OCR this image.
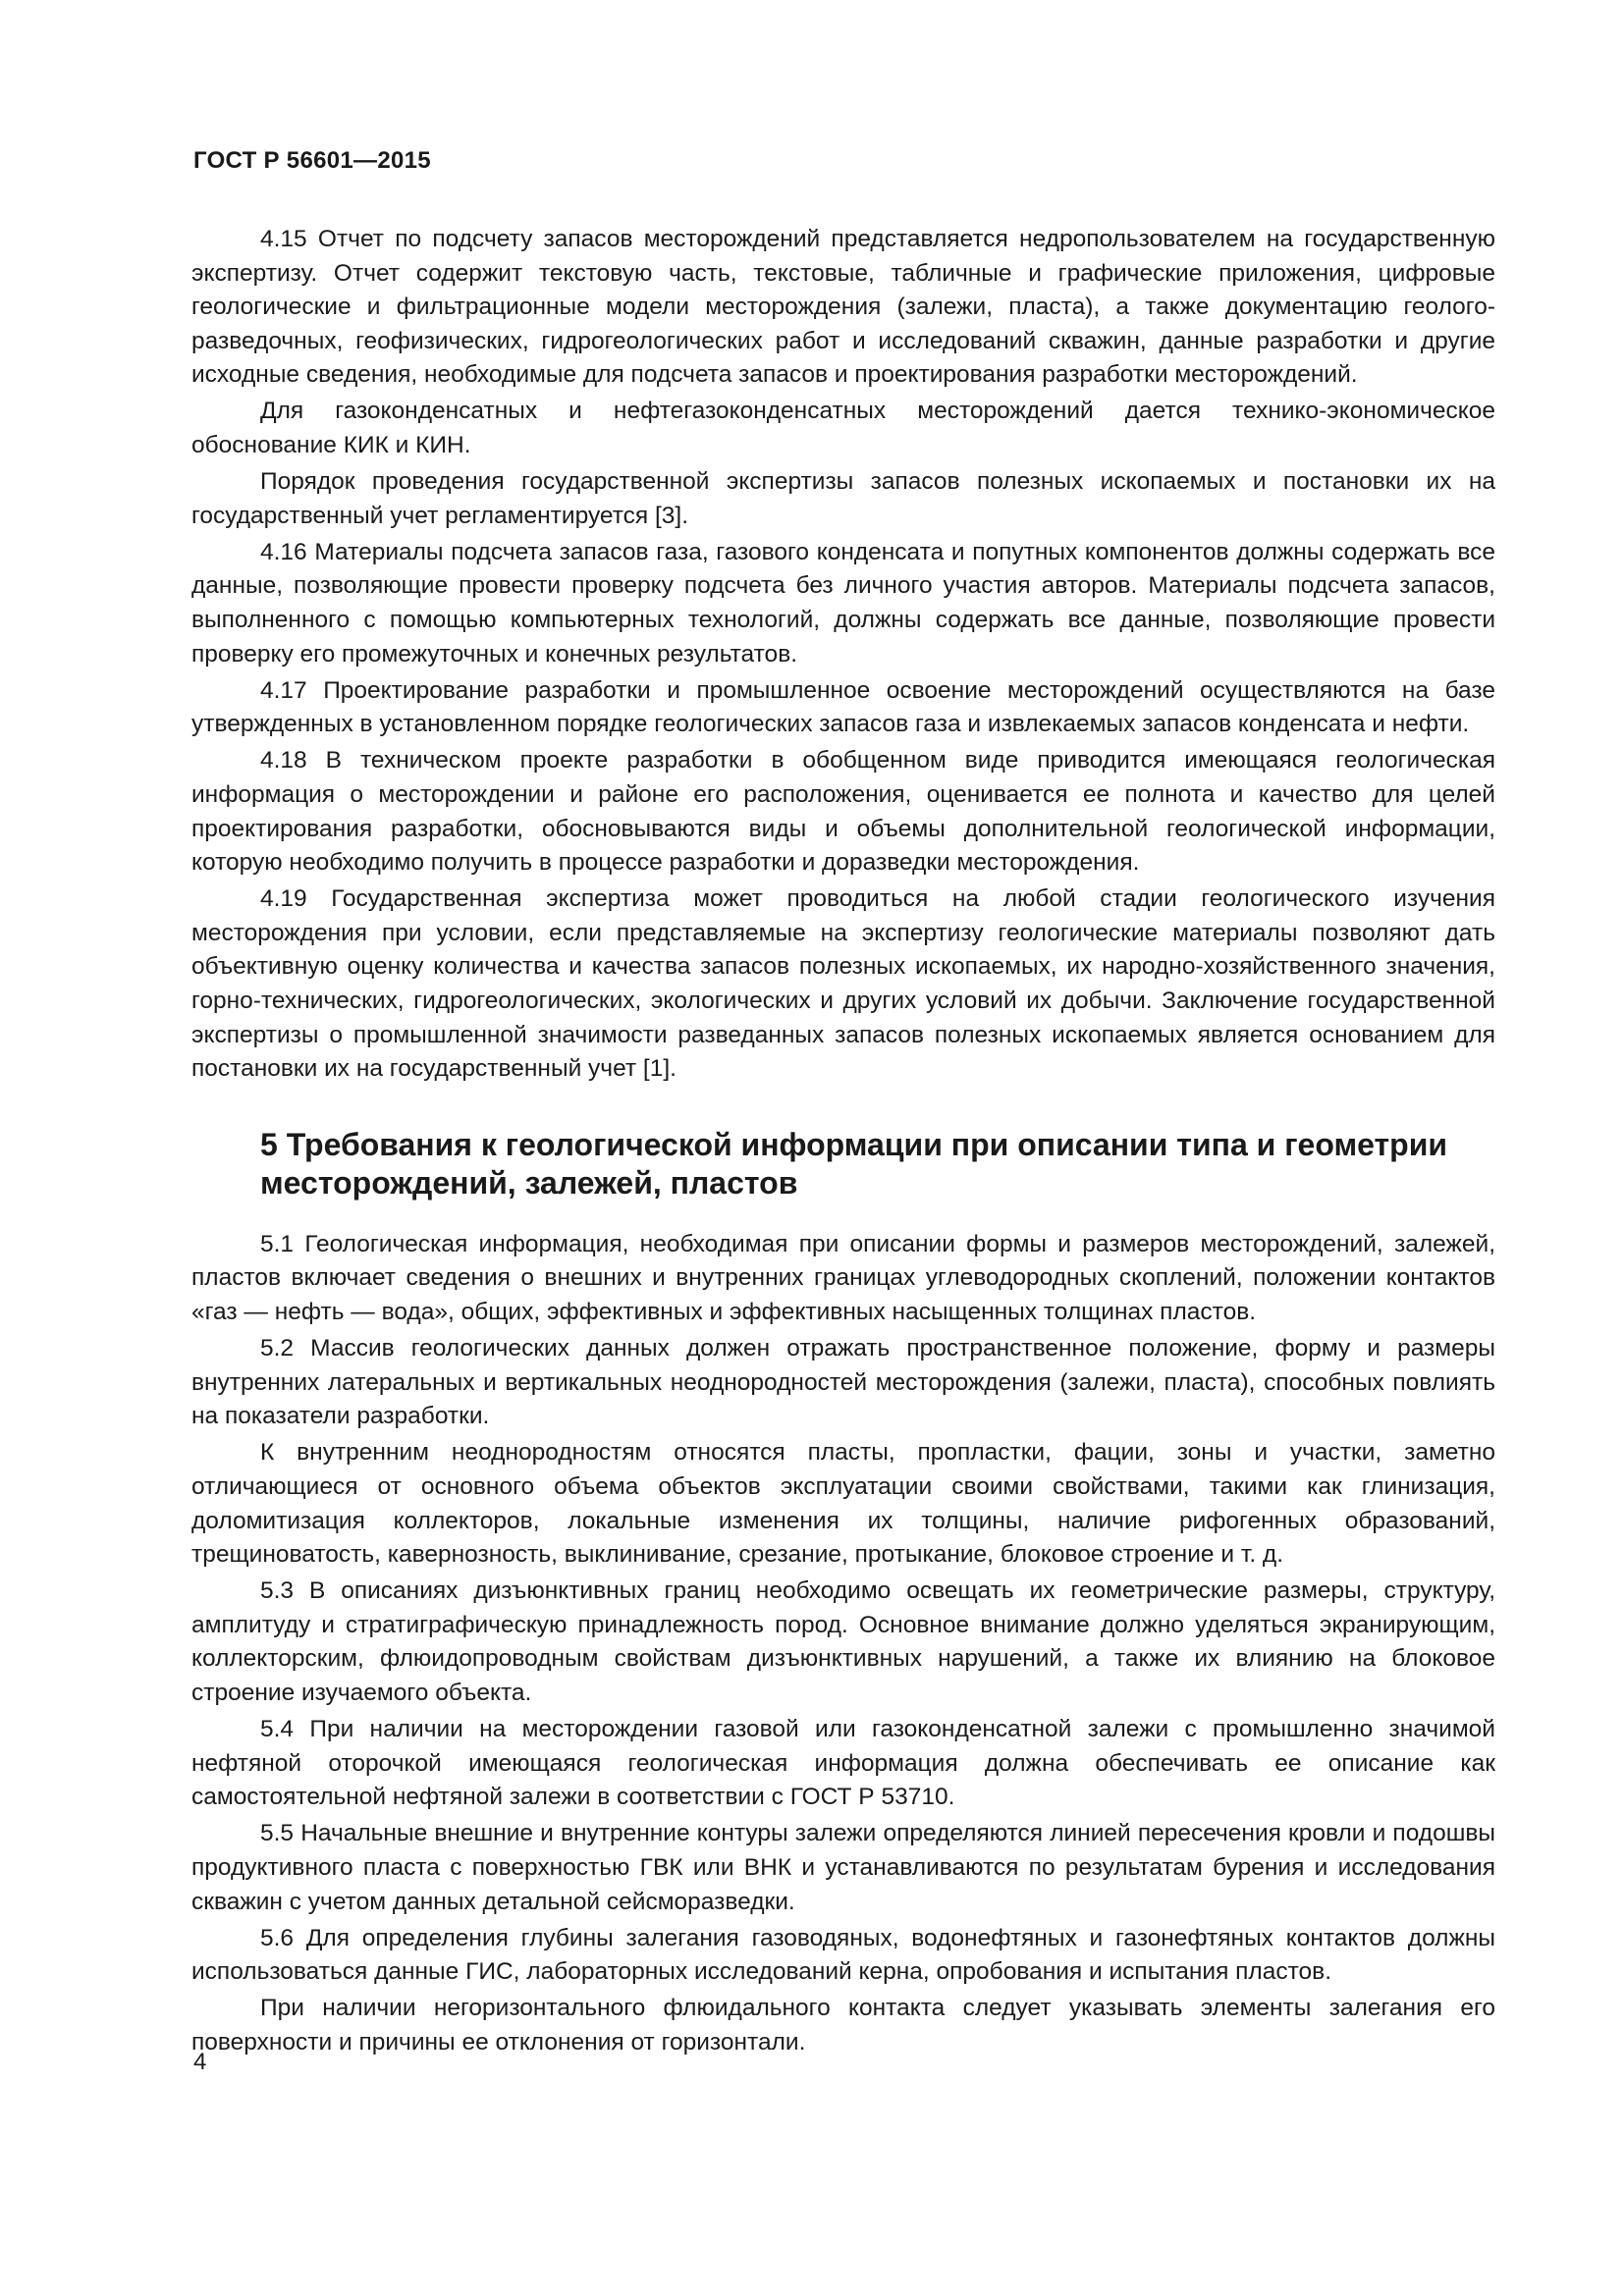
ГОСТ Р 56601—2015

4.15 Отчет по подсчету запасов месторождений представляется недропользователем на государственную экспертизу. Отчет содержит текстовую часть, текстовые, табличные и графические приложения, цифровые геологические и фильтрационные модели месторождения (залежи, пласта), а также документацию геолого-разведочных, геофизических, гидрогеологических работ и исследований скважин, данные разработки и другие исходные сведения, необходимые для подсчета запасов и проектирования разработки месторождений.

Для газоконденсатных и нефтегазоконденсатных месторождений дается технико-экономическое обоснование КИК и КИН.

Порядок проведения государственной экспертизы запасов полезных ископаемых и постановки их на государственный учет регламентируется [3].

4.16 Материалы подсчета запасов газа, газового конденсата и попутных компонентов должны содержать все данные, позволяющие провести проверку подсчета без личного участия авторов. Материалы подсчета запасов, выполненного с помощью компьютерных технологий, должны содержать все данные, позволяющие провести проверку его промежуточных и конечных результатов.

4.17 Проектирование разработки и промышленное освоение месторождений осуществляются на базе утвержденных в установленном порядке геологических запасов газа и извлекаемых запасов конденсата и нефти.

4.18 В техническом проекте разработки в обобщенном виде приводится имеющаяся геологическая информация о месторождении и районе его расположения, оценивается ее полнота и качество для целей проектирования разработки, обосновываются виды и объемы дополнительной геологической информации, которую необходимо получить в процессе разработки и доразведки месторождения.

4.19 Государственная экспертиза может проводиться на любой стадии геологического изучения месторождения при условии, если представляемые на экспертизу геологические материалы позволяют дать объективную оценку количества и качества запасов полезных ископаемых, их народно-хозяйственного значения, горно-технических, гидрогеологических, экологических и других условий их добычи. Заключение государственной экспертизы о промышленной значимости разведанных запасов полезных ископаемых является основанием для постановки их на государственный учет [1].

5 Требования к геологической информации при описании типа и геометрии месторождений, залежей, пластов

5.1 Геологическая информация, необходимая при описании формы и размеров месторождений, залежей, пластов включает сведения о внешних и внутренних границах углеводородных скоплений, положении контактов «газ — нефть — вода», общих, эффективных и эффективных насыщенных толщинах пластов.

5.2 Массив геологических данных должен отражать пространственное положение, форму и размеры внутренних латеральных и вертикальных неоднородностей месторождения (залежи, пласта), способных повлиять на показатели разработки.

К внутренним неоднородностям относятся пласты, пропластки, фации, зоны и участки, заметно отличающиеся от основного объема объектов эксплуатации своими свойствами, такими как глинизация, доломитизация коллекторов, локальные изменения их толщины, наличие рифогенных образований, трещиноватость, кавернозность, выклинивание, срезание, протыкание, блоковое строение и т. д.

5.3 В описаниях дизъюнктивных границ необходимо освещать их геометрические размеры, структуру, амплитуду и стратиграфическую принадлежность пород. Основное внимание должно уделяться экранирующим, коллекторским, флюидопроводным свойствам дизъюнктивных нарушений, а также их влиянию на блоковое строение изучаемого объекта.

5.4 При наличии на месторождении газовой или газоконденсатной залежи с промышленно значимой нефтяной оторочкой имеющаяся геологическая информация должна обеспечивать ее описание как самостоятельной нефтяной залежи в соответствии с ГОСТ Р 53710.

5.5 Начальные внешние и внутренние контуры залежи определяются линией пересечения кровли и подошвы продуктивного пласта с поверхностью ГВК или ВНК и устанавливаются по результатам бурения и исследования скважин с учетом данных детальной сейсморазведки.

5.6 Для определения глубины залегания газоводяных, водонефтяных и газонефтяных контактов должны использоваться данные ГИС, лабораторных исследований керна, опробования и испытания пластов.

При наличии негоризонтального флюидального контакта следует указывать элементы залегания его поверхности и причины ее отклонения от горизонтали.

4
